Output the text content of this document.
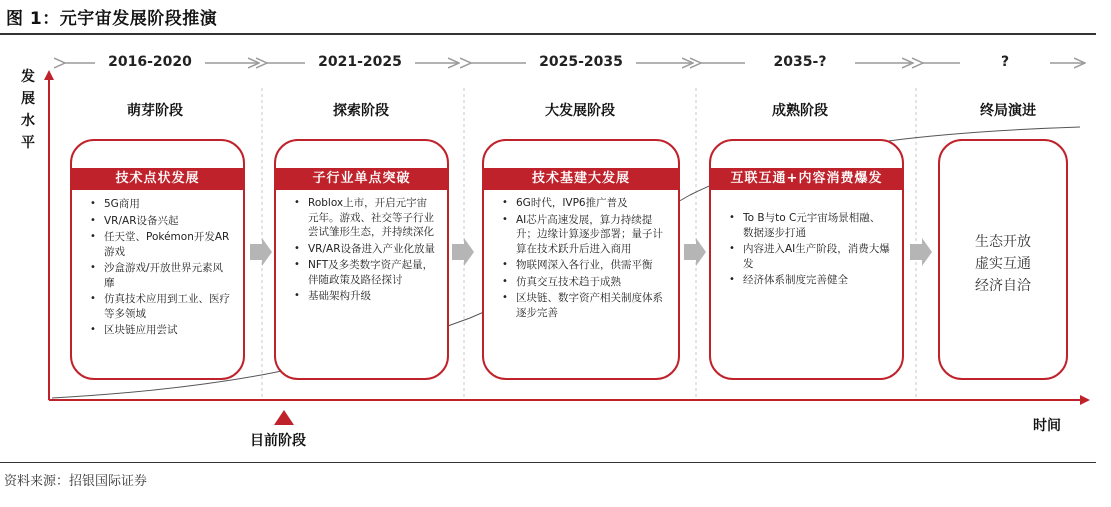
图 1：元宇宙发展阶段推演
2016-2020	2021-2025	2025-2035	2035-?	?
发
展
水
平
萌芽阶段	探索阶段	大发展阶段	成熟阶段	终局演进
技术点状发展
• 5G商用
• VR/AR设备兴起
• 任天堂、Pokémon开发AR游戏
• 沙盒游戏/开放世界元素风靡
• 仿真技术应用到工业、医疗等多领域
• 区块链应用尝试
子行业单点突破
• Roblox上市，开启元宇宙元年。游戏、社交等子行业尝试雏形生态，并持续深化
• VR/AR设备进入产业化放量
• NFT及多类数字资产起量，伴随政策及路径探讨
• 基础架构升级
技术基建大发展
• 6G时代，IVP6推广普及
• AI芯片高速发展，算力持续提升；边缘计算逐步部署；量子计算在技术跃升后进入商用
• 物联网深入各行业，供需平衡
• 仿真交互技术趋于成熟
• 区块链、数字资产相关制度体系逐步完善
互联互通+内容消费爆发
• To B与to C元宇宙场景相融、数据逐步打通
• 内容进入AI生产阶段，消费大爆发
• 经济体系制度完善健全
生态开放
虚实互通
经济自洽
目前阶段
时间
资料来源：招银国际证券
